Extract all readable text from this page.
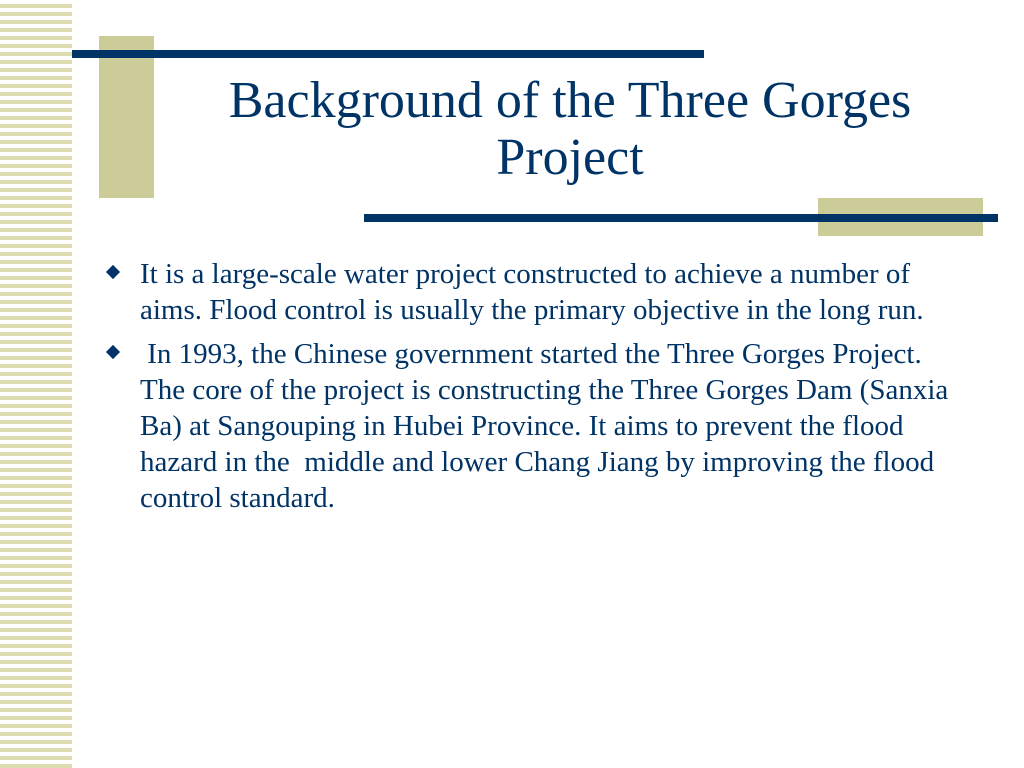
Background of the Three Gorges Project
It is a large-scale water project constructed to achieve a number of aims. Flood control is usually the primary objective in the long run.
In 1993, the Chinese government started the Three Gorges Project. The core of the project is constructing the Three Gorges Dam (Sanxia Ba) at Sangouping in Hubei Province. It aims to prevent the flood hazard in the  middle and lower Chang Jiang by improving the flood control standard.
